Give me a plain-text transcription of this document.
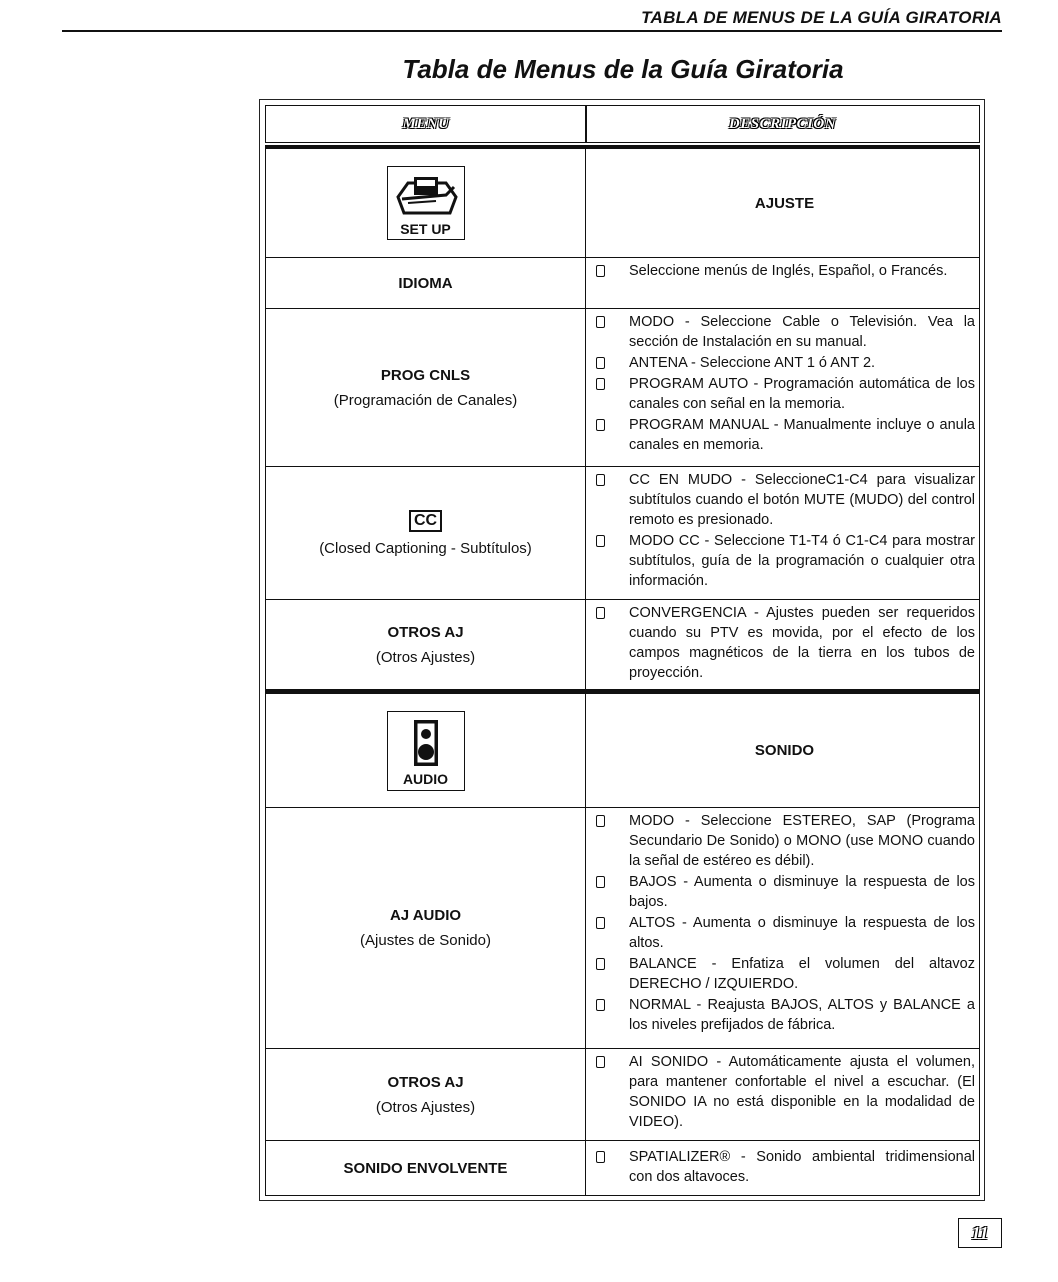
TABLA DE MENUS DE LA GUÍA GIRATORIA
Tabla de Menus de la Guía Giratoria
MENU	DESCRIPCIÓN
SET UP
AJUSTE
IDIOMA
Seleccione menús de Inglés, Español, o Francés.
PROG CNLS
(Programación de Canales)
MODO - Seleccione Cable o Televisión. Vea la sección de Instalación en su manual.
ANTENA - Seleccione ANT 1 ó ANT 2.
PROGRAM AUTO - Programación automática de los canales con señal en la memoria.
PROGRAM MANUAL - Manualmente incluye o anula canales en memoria.
CC
(Closed Captioning - Subtítulos)
CC EN MUDO - SeleccioneC1-C4 para visualizar subtítulos cuando el botón MUTE (MUDO) del control remoto es presionado.
MODO CC - Seleccione T1-T4 ó C1-C4 para mostrar subtítulos, guía de la programación o cualquier otra información.
OTROS AJ
(Otros Ajustes)
CONVERGENCIA - Ajustes pueden ser requeridos cuando su PTV es movida, por el efecto de los campos magnéticos de la tierra en los tubos de proyección.
AUDIO
SONIDO
AJ AUDIO
(Ajustes de Sonido)
MODO - Seleccione ESTEREO, SAP (Programa Secundario De Sonido) o MONO (use MONO cuando la señal de estéreo es débil).
BAJOS - Aumenta o disminuye la respuesta de los bajos.
ALTOS - Aumenta o disminuye la respuesta de los altos.
BALANCE - Enfatiza el volumen del altavoz DERECHO / IZQUIERDO.
NORMAL - Reajusta BAJOS, ALTOS y BALANCE a los niveles prefijados de fábrica.
OTROS AJ
(Otros Ajustes)
AI SONIDO - Automáticamente ajusta el volumen, para mantener confortable el nivel a escuchar. (El SONIDO IA no está disponible en la modalidad de VIDEO).
SONIDO ENVOLVENTE
SPATIALIZER® - Sonido ambiental tridimensional con dos altavoces.
11
